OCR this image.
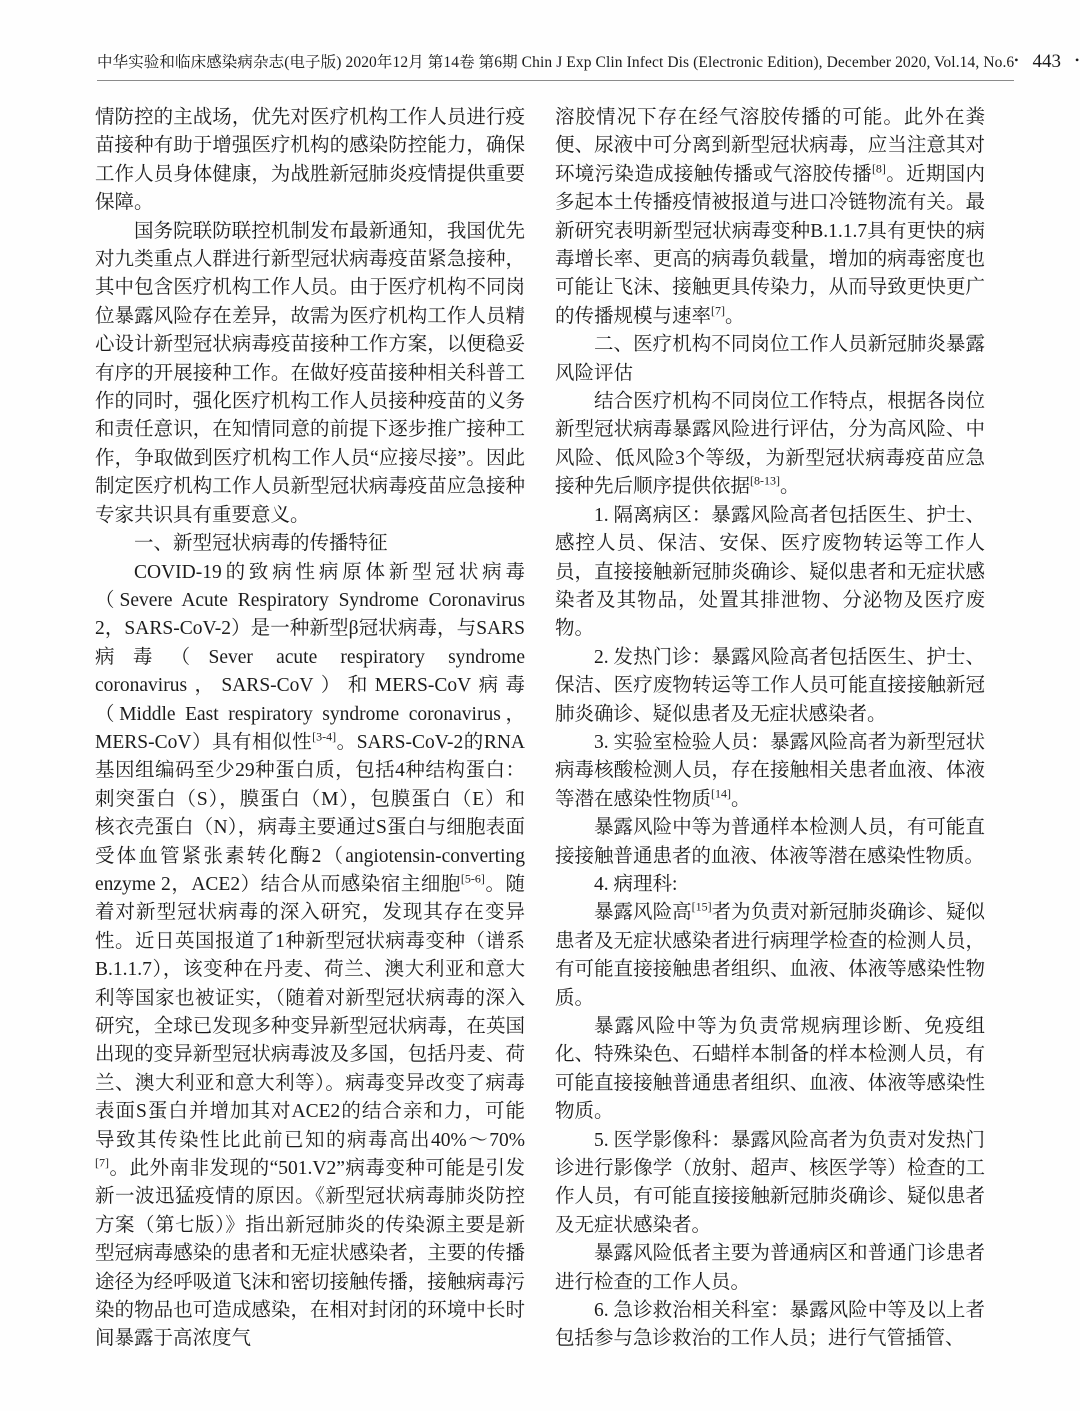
中华实验和临床感染病杂志(电子版) 2020年12月 第14卷 第6期 Chin J Exp Clin Infect Dis (Electronic Edition), December 2020, Vol.14, No.6 • 443 •

情防控的主战场，优先对医疗机构工作人员进行疫苗接种有助于增强医疗机构的感染防控能力，确保工作人员身体健康，为战胜新冠肺炎疫情提供重要保障。

国务院联防联控机制发布最新通知，我国优先对九类重点人群进行新型冠状病毒疫苗紧急接种，其中包含医疗机构工作人员。由于医疗机构不同岗位暴露风险存在差异，故需为医疗机构工作人员精心设计新型冠状病毒疫苗接种工作方案，以便稳妥有序的开展接种工作。在做好疫苗接种相关科普工作的同时，强化医疗机构工作人员接种疫苗的义务和责任意识，在知情同意的前提下逐步推广接种工作，争取做到医疗机构工作人员“应接尽接”。因此制定医疗机构工作人员新型冠状病毒疫苗应急接种专家共识具有重要意义。

一、新型冠状病毒的传播特征

COVID-19的致病性病原体新型冠状病毒（Severe Acute Respiratory Syndrome Coronavirus 2，SARS-CoV-2）是一种新型β冠状病毒，与SARS病毒（Sever acute respiratory syndrome coronavirus，SARS-CoV）和MERS-CoV病毒（Middle East respiratory syndrome coronavirus，MERS-CoV）具有相似性[3-4]。SARS-CoV-2的RNA基因组编码至少29种蛋白质，包括4种结构蛋白：刺突蛋白（S），膜蛋白（M），包膜蛋白（E）和核衣壳蛋白（N），病毒主要通过S蛋白与细胞表面受体血管紧张素转化酶2（angiotensin-converting enzyme 2，ACE2）结合从而感染宿主细胞[5-6]。随着对新型冠状病毒的深入研究，发现其存在变异性。近日英国报道了1种新型冠状病毒变种（谱系B.1.1.7），该变种在丹麦、荷兰、澳大利亚和意大利等国家也被证实，（随着对新型冠状病毒的深入研究，全球已发现多种变异新型冠状病毒，在英国出现的变异新型冠状病毒波及多国，包括丹麦、荷兰、澳大利亚和意大利等）。病毒变异改变了病毒表面S蛋白并增加其对ACE2的结合亲和力，可能导致其传染性比此前已知的病毒高出40%～70%[7]。此外南非发现的“501.V2”病毒变种可能是引发新一波迅猛疫情的原因。《新型冠状病毒肺炎防控方案（第七版）》指出新冠肺炎的传染源主要是新型冠病毒感染的患者和无症状感染者，主要的传播途径为经呼吸道飞沫和密切接触传播，接触病毒污染的物品也可造成感染，在相对封闭的环境中长时间暴露于高浓度气

溶胶情况下存在经气溶胶传播的可能。此外在粪便、尿液中可分离到新型冠状病毒，应当注意其对环境污染造成接触传播或气溶胶传播[8]。近期国内多起本土传播疫情被报道与进口冷链物流有关。最新研究表明新型冠状病毒变种B.1.1.7具有更快的病毒增长率、更高的病毒负载量，增加的病毒密度也可能让飞沫、接触更具传染力，从而导致更快更广的传播规模与速率[7]。

二、医疗机构不同岗位工作人员新冠肺炎暴露风险评估

结合医疗机构不同岗位工作特点，根据各岗位新型冠状病毒暴露风险进行评估，分为高风险、中风险、低风险3个等级，为新型冠状病毒疫苗应急接种先后顺序提供依据[8-13]。

1. 隔离病区：暴露风险高者包括医生、护士、感控人员、保洁、安保、医疗废物转运等工作人员，直接接触新冠肺炎确诊、疑似患者和无症状感染者及其物品，处置其排泄物、分泌物及医疗废物。

2. 发热门诊：暴露风险高者包括医生、护士、保洁、医疗废物转运等工作人员可能直接接触新冠肺炎确诊、疑似患者及无症状感染者。

3. 实验室检验人员：暴露风险高者为新型冠状病毒核酸检测人员，存在接触相关患者血液、体液等潜在感染性物质[14]。

暴露风险中等为普通样本检测人员，有可能直接接触普通患者的血液、体液等潜在感染性物质。

4. 病理科:

暴露风险高[15]者为负责对新冠肺炎确诊、疑似患者及无症状感染者进行病理学检查的检测人员，有可能直接接触患者组织、血液、体液等感染性物质。

暴露风险中等为负责常规病理诊断、免疫组化、特殊染色、石蜡样本制备的样本检测人员，有可能直接接触普通患者组织、血液、体液等感染性物质。

5. 医学影像科：暴露风险高者为负责对发热门诊进行影像学（放射、超声、核医学等）检查的工作人员，有可能直接接触新冠肺炎确诊、疑似患者及无症状感染者。

暴露风险低者主要为普通病区和普通门诊患者进行检查的工作人员。

6. 急诊救治相关科室：暴露风险中等及以上者包括参与急诊救治的工作人员；进行气管插管、
